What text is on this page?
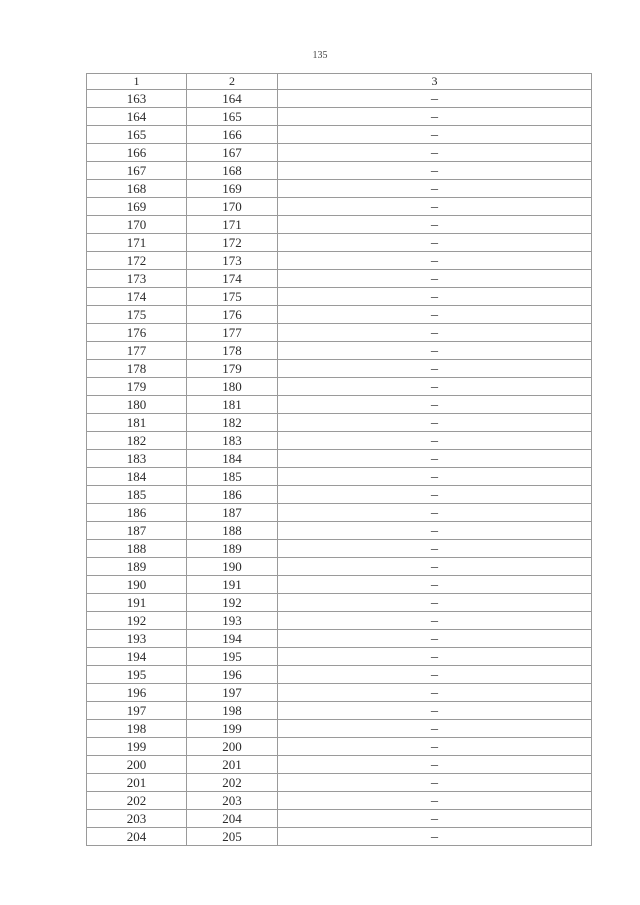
135
1	2	3
163	164	–
164	165	–
165	166	–
166	167	–
167	168	–
168	169	–
169	170	–
170	171	–
171	172	–
172	173	–
173	174	–
174	175	–
175	176	–
176	177	–
177	178	–
178	179	–
179	180	–
180	181	–
181	182	–
182	183	–
183	184	–
184	185	–
185	186	–
186	187	–
187	188	–
188	189	–
189	190	–
190	191	–
191	192	–
192	193	–
193	194	–
194	195	–
195	196	–
196	197	–
197	198	–
198	199	–
199	200	–
200	201	–
201	202	–
202	203	–
203	204	–
204	205	–
